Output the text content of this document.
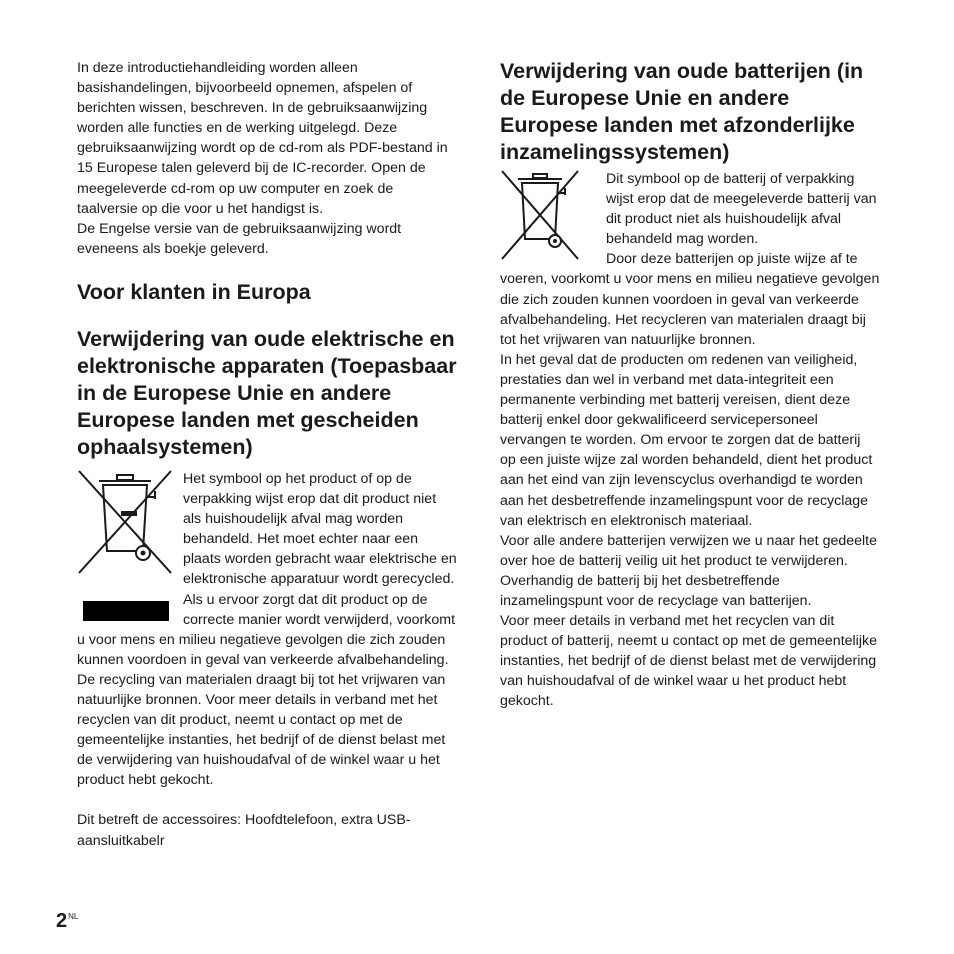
In deze introductiehandleiding worden alleen basishandelingen, bijvoorbeeld opnemen, afspelen of berichten wissen, beschreven. In de gebruiksaanwijzing worden alle functies en de werking uitgelegd. Deze gebruiksaanwijzing wordt op de cd-rom als PDF-bestand in 15 Europese talen geleverd bij de IC-recorder. Open de meegeleverde cd-rom op uw computer en zoek de taalversie op die voor u het handigst is.

De Engelse versie van de gebruiksaanwijzing wordt eveneens als boekje geleverd.

Voor klanten in Europa
Verwijdering van oude elektrische en elektronische apparaten (Toepasbaar in de Europese Unie en andere Europese landen met gescheiden ophaalsystemen)

Het symbool op het product of op de verpakking wijst erop dat dit product niet als huishoudelijk afval mag worden behandeld. Het moet echter naar een plaats worden gebracht waar elektrische en elektronische apparatuur wordt gerecycled. Als u ervoor zorgt dat dit product op de correcte manier wordt verwijderd, voorkomt u voor mens en milieu negatieve gevolgen die zich zouden kunnen voordoen in geval van verkeerde afvalbehandeling. De recycling van materialen draagt bij tot het vrijwaren van natuurlijke bronnen. Voor meer details in verband met het recyclen van dit product, neemt u contact op met de gemeentelijke instanties, het bedrijf of de dienst belast met de verwijdering van huishoudafval of de winkel waar u het product hebt gekocht.

Dit betreft de accessoires: Hoofdtelefoon, extra USB-aansluitkabelr

Verwijdering van oude batterijen (in de Europese Unie en andere Europese landen met afzonderlijke inzamelingssystemen)

Dit symbool op de batterij of verpakking wijst erop dat de meegeleverde batterij van dit product niet als huishoudelijk afval behandeld mag worden.

Door deze batterijen op juiste wijze af te voeren, voorkomt u voor mens en milieu negatieve gevolgen die zich zouden kunnen voordoen in geval van verkeerde afvalbehandeling. Het recycleren van materialen draagt bij tot het vrijwaren van natuurlijke bronnen.

In het geval dat de producten om redenen van veiligheid, prestaties dan wel in verband met data-integriteit een permanente verbinding met batterij vereisen, dient deze batterij enkel door gekwalificeerd servicepersoneel vervangen te worden. Om ervoor te zorgen dat de batterij op een juiste wijze zal worden behandeld, dient het product aan het eind van zijn levenscyclus overhandigd te worden aan het desbetreffende inzamelingspunt voor de recyclage van elektrisch en elektronisch materiaal.

Voor alle andere batterijen verwijzen we u naar het gedeelte over hoe de batterij veilig uit het product te verwijderen. Overhandig de batterij bij het desbetreffende inzamelingspunt voor de recyclage van batterijen.

Voor meer details in verband met het recyclen van dit product of batterij, neemt u contact op met de gemeentelijke instanties, het bedrijf of de dienst belast met de verwijdering van huishoudafval of de winkel waar u het product hebt gekocht.

$2^{NL}$
